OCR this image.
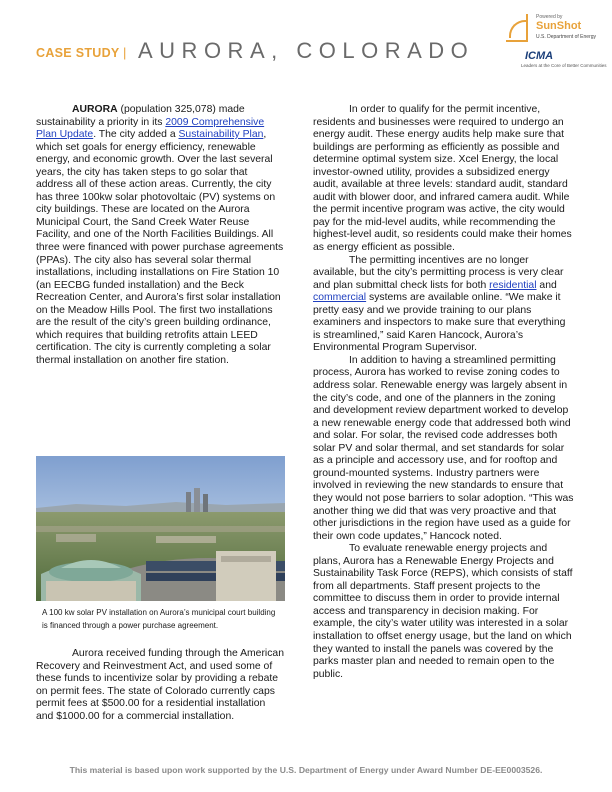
CASE STUDY | AURORA, COLORADO
Powered by
SunShot
U.S. Department of Energy
ICMA
Leaders at the Core of Better Communities

AURORA (population 325,078) made sustainability a priority in its 2009 Comprehensive Plan Update. The city added a Sustainability Plan, which set goals for energy efficiency, renewable energy, and economic growth. Over the last several years, the city has taken steps to go solar that address all of these action areas. Currently, the city has three 100kw solar photovoltaic (PV) systems on city buildings. These are located on the Aurora Municipal Court, the Sand Creek Water Reuse Facility, and one of the North Facilities Buildings. All three were financed with power purchase agreements (PPAs). The city also has several solar thermal installations, including installations on Fire Station 10 (an EECBG funded installation) and the Beck Recreation Center, and Aurora’s first solar installation on the Meadow Hills Pool. The first two installations are the result of the city’s green building ordinance, which requires that building retrofits attain LEED certification. The city is currently completing a solar thermal installation on another fire station.

A 100 kw solar PV installation on Aurora’s municipal court building is financed through a power purchase agreement.

Aurora received funding through the American Recovery and Reinvestment Act, and used some of these funds to incentivize solar by providing a rebate on permit fees. The state of Colorado currently caps permit fees at $500.00 for a residential installation and $1000.00 for a commercial installation.

In order to qualify for the permit incentive, residents and businesses were required to undergo an energy audit. These energy audits help make sure that buildings are performing as efficiently as possible and determine optimal system size. Xcel Energy, the local investor-owned utility, provides a subsidized energy audit, available at three levels: standard audit, standard audit with blower door, and infrared camera audit. While the permit incentive program was active, the city would pay for the mid-level audits, while recommending the highest-level audit, so residents could make their homes as energy efficient as possible.

The permitting incentives are no longer available, but the city’s permitting process is very clear and plan submittal check lists for both residential and commercial systems are available online. “We make it pretty easy and we provide training to our plans examiners and inspectors to make sure that everything is streamlined,” said Karen Hancock, Aurora’s Environmental Program Supervisor.

In addition to having a streamlined permitting process, Aurora has worked to revise zoning codes to address solar. Renewable energy was largely absent in the city’s code, and one of the planners in the zoning and development review department worked to develop a new renewable energy code that addressed both wind and solar. For solar, the revised code addresses both solar PV and solar thermal, and set standards for solar as a principle and accessory use, and for rooftop and ground-mounted systems. Industry partners were involved in reviewing the new standards to ensure that they would not pose barriers to solar adoption. “This was another thing we did that was very proactive and that other jurisdictions in the region have used as a guide for their own code updates,” Hancock noted.

To evaluate renewable energy projects and plans, Aurora has a Renewable Energy Projects and Sustainability Task Force (REPS), which consists of staff from all departments. Staff present projects to the committee to discuss them in order to provide internal access and transparency in decision making. For example, the city’s water utility was interested in a solar installation to offset energy usage, but the land on which they wanted to install the panels was covered by the parks master plan and needed to remain open to the public.

This material is based upon work supported by the U.S. Department of Energy under Award Number DE-EE0003526.
